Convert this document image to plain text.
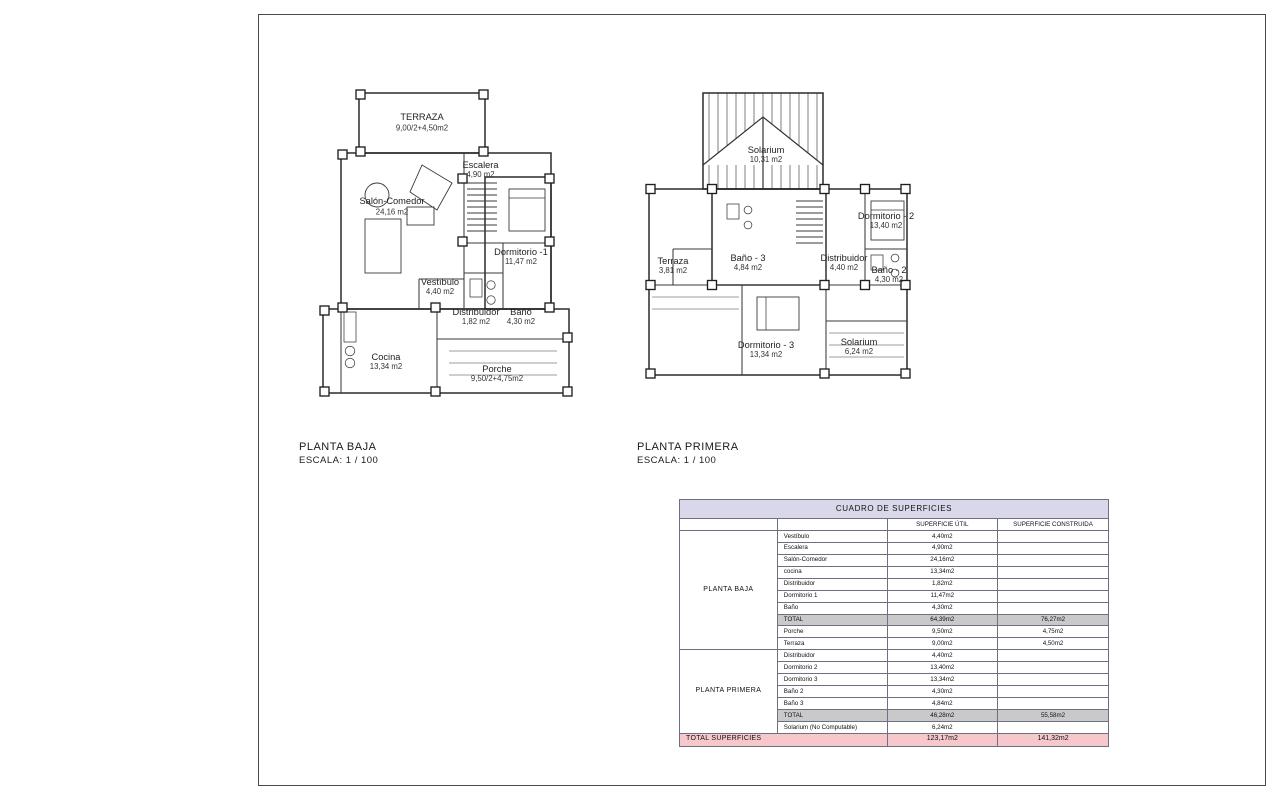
TERRAZA
9,00/2+4,50m2
Salón-Comedor
24,16 m2
Escalera
4,90 m2
Dormitorio -1
11,47 m2
Vestíbulo
4,40 m2
Distribuidor
1,82 m2
Baño
4,30 m2
Cocina
13,34 m2	Porche
9,50/2+4,75m2
PLANTA BAJA
ESCALA: 1 / 100
Solarium
10,31 m2
Terraza
3,81 m2
Baño - 3
4,84 m2
Distribuidor
4,40 m2
Dormitorio - 2
13,40 m2
Baño - 2
4,30 m2
Dormitorio - 3
13,34 m2
Solarium
6,24 m2
PLANTA PRIMERA
ESCALA: 1 / 100
CUADRO DE SUPERFICIES			
		SUPERFICIE ÚTIL	SUPERFICIE CONSTRUIDA
PLANTA BAJA	Vestíbulo	4,40m2	
	Escalera	4,90m2	
	Salón-Comedor	24,16m2	
	cocina	13,34m2	
	Distribuidor	1,82m2	
	Dormitorio 1	11,47m2	
	Baño	4,30m2	
	TOTAL	64,39m2	76,27m2
	Porche	9,50m2	4,75m2
	Terraza	9,00m2	4,50m2
PLANTA PRIMERA	Distribuidor	4,40m2	
	Dormitorio 2	13,40m2	
	Dormitorio 3	13,34m2	
	Baño 2	4,30m2	
	Baño 3	4,84m2	
	TOTAL	46,28m2	55,58m2
	Solarium (No Computable)	6,24m2	
TOTAL SUPERFICIES		123,17m2	141,32m2
